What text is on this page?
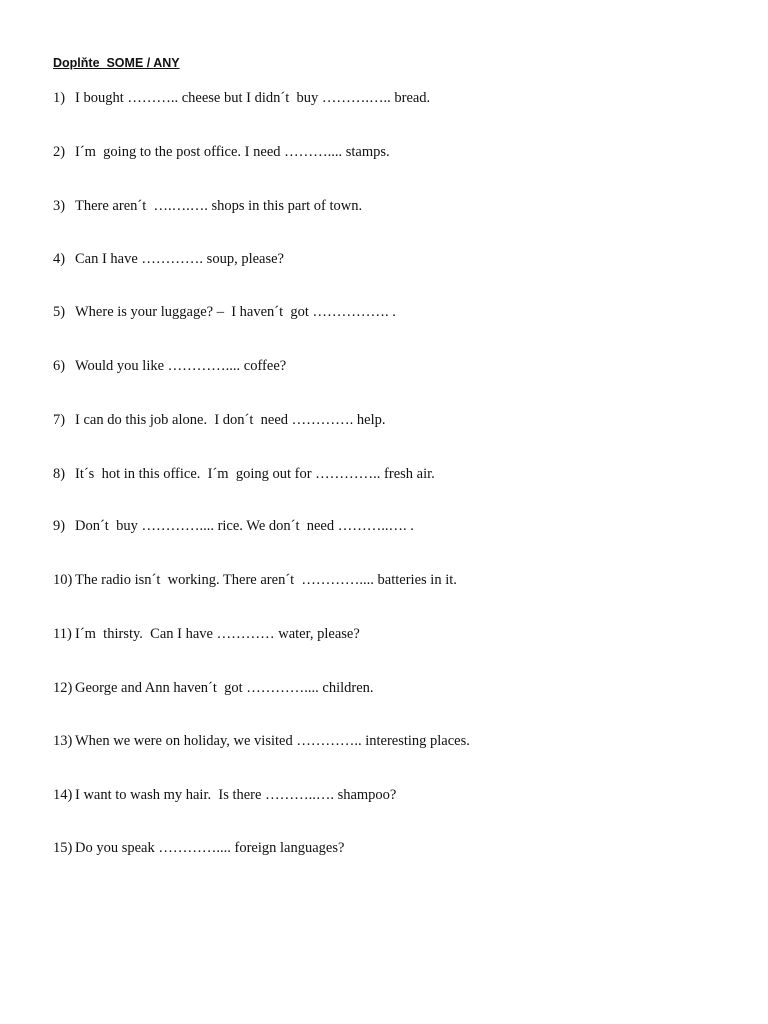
Doplňte  SOME / ANY
1) I bought ……….. cheese but I didn´t  buy ……….….. bread.
2) I´m  going to the post office. I need ……….... stamps.
3) There aren´t  ….….…. shops in this part of town.
4) Can I have …………. soup, please?
5) Where is your luggage? –  I haven´t  got ……………. .
6) Would you like ………….... coffee?
7) I can do this job alone.  I don´t  need …………. help.
8) It´s  hot in this office.  I´m  going out for ………….. fresh air.
9) Don´t  buy ………….... rice. We don´t  need ………..…. .
10) The radio isn´t  working. There aren´t  ………….... batteries in it.
11) I´m  thirsty.  Can I have ………… water, please?
12) George and Ann haven´t  got ………….... children.
13) When we were on holiday, we visited ………….. interesting places.
14) I want to wash my hair.  Is there ………..…. shampoo?
15) Do you speak ………….... foreign languages?
